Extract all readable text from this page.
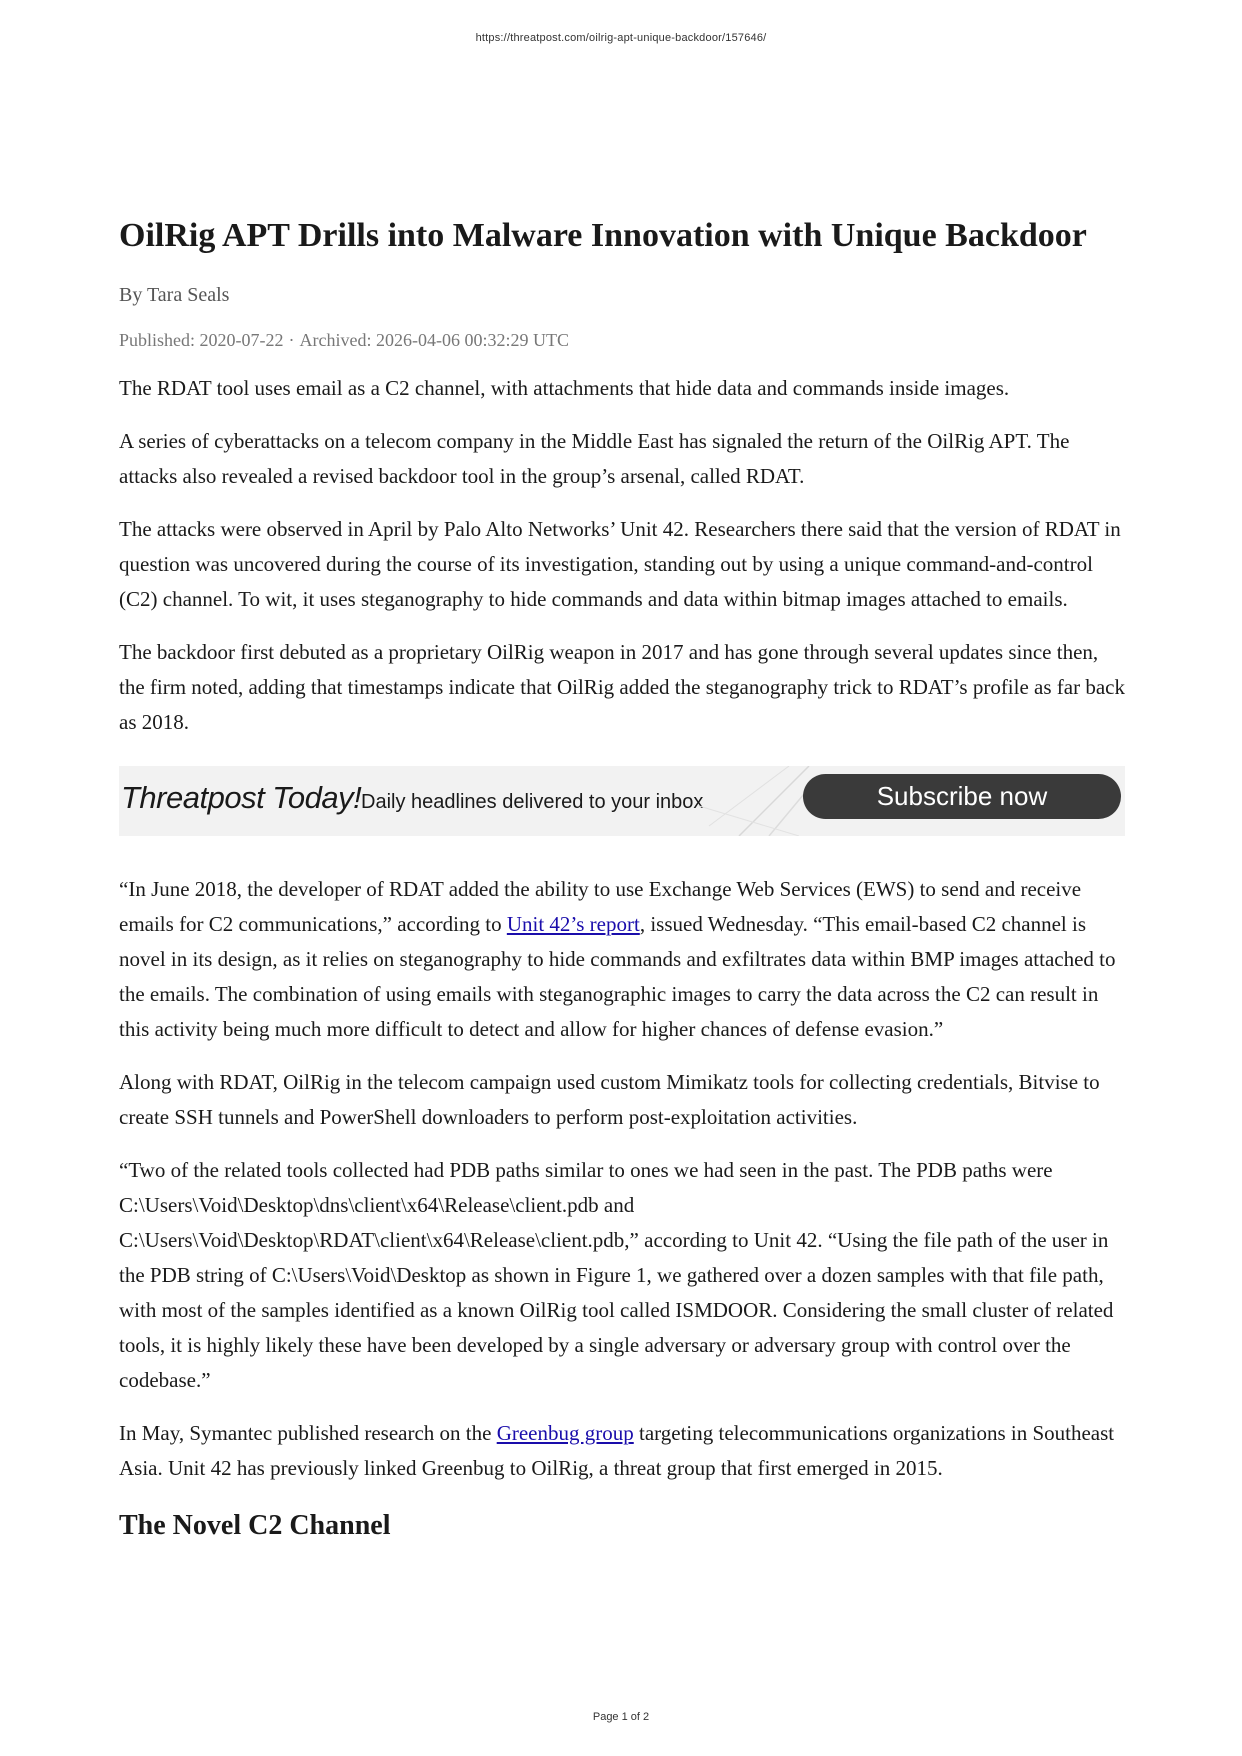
https://threatpost.com/oilrig-apt-unique-backdoor/157646/
OilRig APT Drills into Malware Innovation with Unique Backdoor
By Tara Seals
Published: 2020-07-22 · Archived: 2026-04-06 00:32:29 UTC

The RDAT tool uses email as a C2 channel, with attachments that hide data and commands inside images.

A series of cyberattacks on a telecom company in the Middle East has signaled the return of the OilRig APT. The attacks also revealed a revised backdoor tool in the group’s arsenal, called RDAT.

The attacks were observed in April by Palo Alto Networks’ Unit 42. Researchers there said that the version of RDAT in question was uncovered during the course of its investigation, standing out by using a unique command-and-control (C2) channel. To wit, it uses steganography to hide commands and data within bitmap images attached to emails.

The backdoor first debuted as a proprietary OilRig weapon in 2017 and has gone through several updates since then, the firm noted, adding that timestamps indicate that OilRig added the steganography trick to RDAT’s profile as far back as 2018.

Threatpost Today! Daily headlines delivered to your inbox	Subscribe now

“In June 2018, the developer of RDAT added the ability to use Exchange Web Services (EWS) to send and receive emails for C2 communications,” according to Unit 42’s report, issued Wednesday. “This email-based C2 channel is novel in its design, as it relies on steganography to hide commands and exfiltrates data within BMP images attached to the emails. The combination of using emails with steganographic images to carry the data across the C2 can result in this activity being much more difficult to detect and allow for higher chances of defense evasion.”

Along with RDAT, OilRig in the telecom campaign used custom Mimikatz tools for collecting credentials, Bitvise to create SSH tunnels and PowerShell downloaders to perform post-exploitation activities.

“Two of the related tools collected had PDB paths similar to ones we had seen in the past. The PDB paths were
C:\Users\Void\Desktop\dns\client\x64\Release\client.pdb and
C:\Users\Void\Desktop\RDAT\client\x64\Release\client.pdb,” according to Unit 42. “Using the file path of the user in the PDB string of C:\Users\Void\Desktop as shown in Figure 1, we gathered over a dozen samples with that file path, with most of the samples identified as a known OilRig tool called ISMDOOR. Considering the small cluster of related tools, it is highly likely these have been developed by a single adversary or adversary group with control over the codebase.”

In May, Symantec published research on the Greenbug group targeting telecommunications organizations in Southeast Asia. Unit 42 has previously linked Greenbug to OilRig, a threat group that first emerged in 2015.

The Novel C2 Channel
Page 1 of 2
